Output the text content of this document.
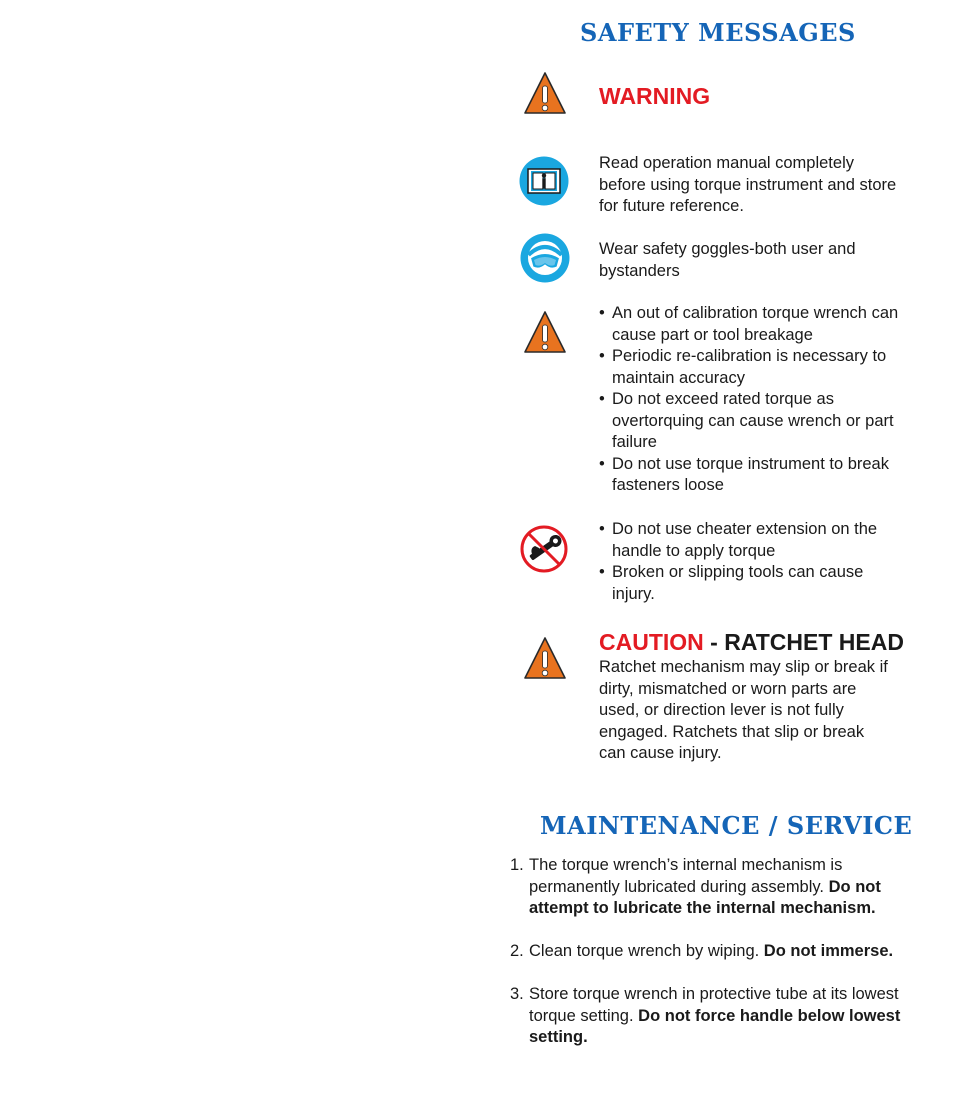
SAFETY MESSAGES
WARNING
Read operation manual completely before using torque instrument and store for future reference.
Wear safety goggles-both user and bystanders
• An out of calibration torque wrench can cause part or tool breakage
• Periodic re-calibration is necessary to maintain accuracy
• Do not exceed rated torque as overtorquing can cause wrench or part failure
• Do not use torque instrument to break fasteners loose
• Do not use cheater extension on the handle to apply torque
• Broken or slipping tools can cause injury.
CAUTION - RATCHET HEAD
Ratchet mechanism may slip or break if dirty, mismatched or worn parts are used, or direction lever is not fully engaged. Ratchets that slip or break can cause injury.
MAINTENANCE / SERVICE
1. The torque wrench’s internal mechanism is permanently lubricated during assembly. Do not attempt to lubricate the internal mechanism.
2. Clean torque wrench by wiping. Do not immerse.
3. Store torque wrench in protective tube at its lowest torque setting. Do not force handle below lowest setting.
